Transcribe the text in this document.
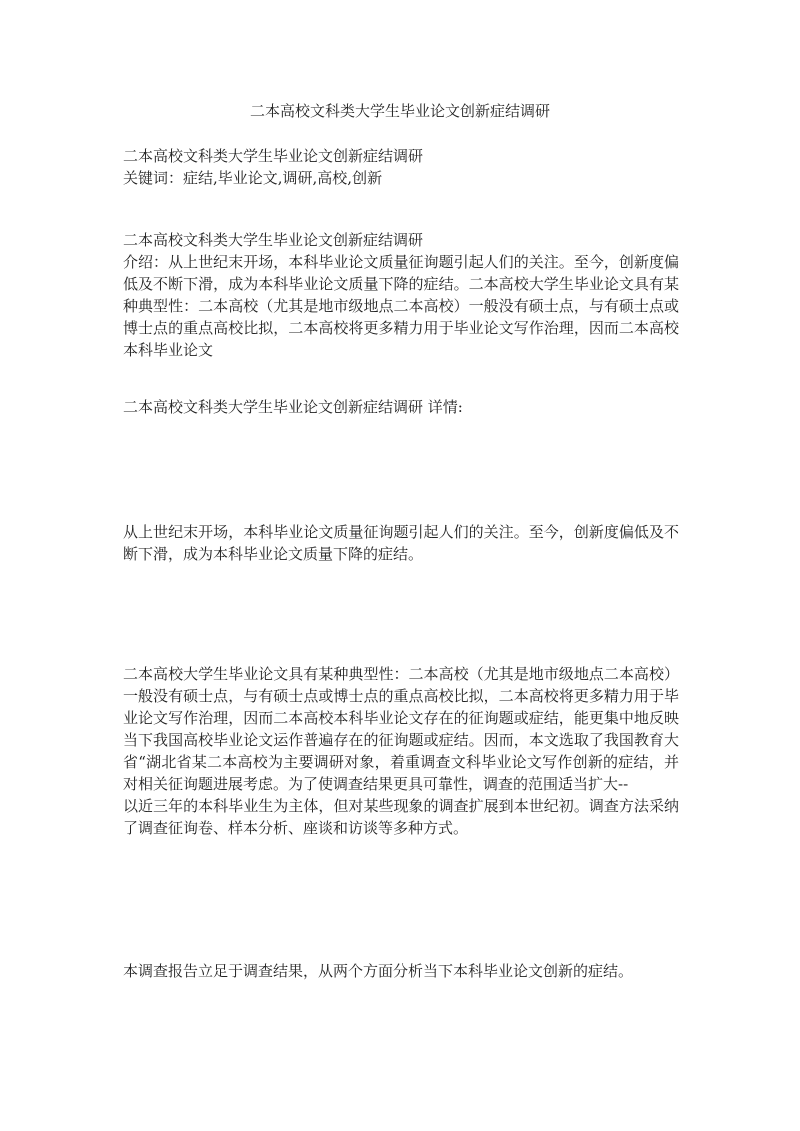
二本高校文科类大学生毕业论文创新症结调研

二本高校文科类大学生毕业论文创新症结调研

关键词：症结,毕业论文,调研,高校,创新

二本高校文科类大学生毕业论文创新症结调研

介绍：从上世纪末开场，本科毕业论文质量征询题引起人们的关注。至今，创新度偏低及不断下滑，成为本科毕业论文质量下降的症结。二本高校大学生毕业论文具有某种典型性：二本高校（尤其是地市级地点二本高校）一般没有硕士点，与有硕士点或博士点的重点高校比拟，二本高校将更多精力用于毕业论文写作治理，因而二本高校本科毕业论文

二本高校文科类大学生毕业论文创新症结调研 详情:

从上世纪末开场，本科毕业论文质量征询题引起人们的关注。至今，创新度偏低及不断下滑，成为本科毕业论文质量下降的症结。

二本高校大学生毕业论文具有某种典型性：二本高校（尤其是地市级地点二本高校）一般没有硕士点，与有硕士点或博士点的重点高校比拟，二本高校将更多精力用于毕业论文写作治理，因而二本高校本科毕业论文存在的征询题或症结，能更集中地反映当下我国高校毕业论文运作普遍存在的征询题或症结。因而，本文选取了我国教育大省“湖北省某二本高校为主要调研对象，着重调查文科毕业论文写作创新的症结，并对相关征询题进展考虑。为了使调查结果更具可靠性，调查的范围适当扩大--

以近三年的本科毕业生为主体，但对某些现象的调查扩展到本世纪初。调查方法采纳了调查征询卷、样本分析、座谈和访谈等多种方式。

本调查报告立足于调查结果，从两个方面分析当下本科毕业论文创新的症结。
